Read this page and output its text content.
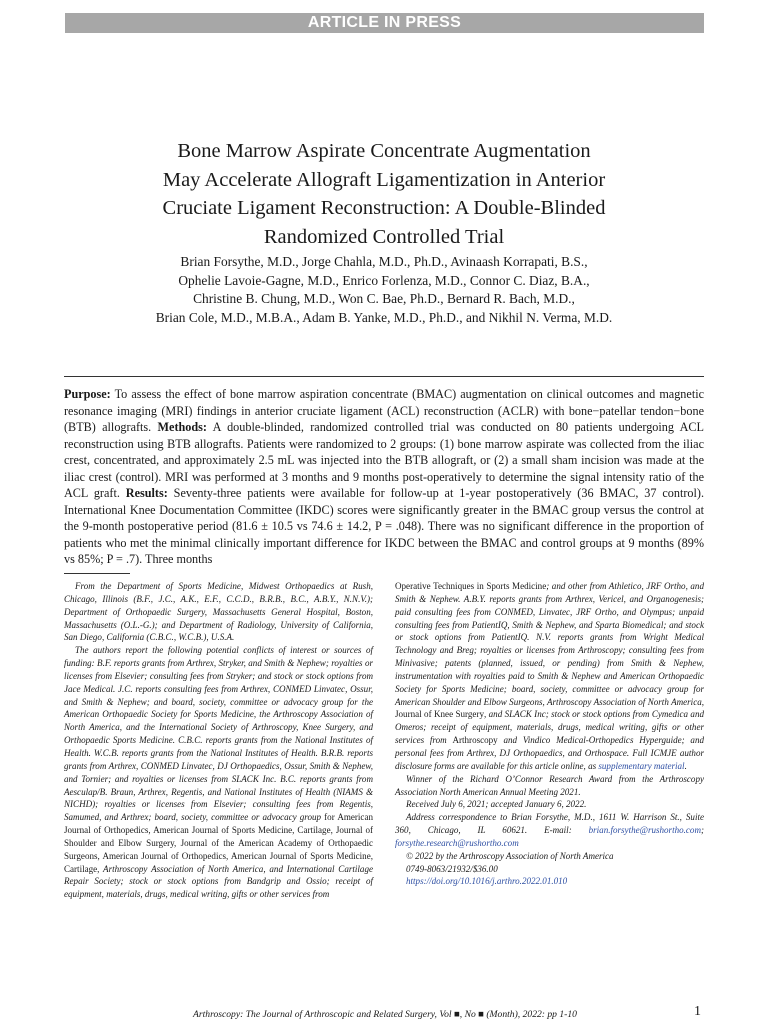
ARTICLE IN PRESS
Bone Marrow Aspirate Concentrate Augmentation
May Accelerate Allograft Ligamentization in Anterior
Cruciate Ligament Reconstruction: A Double-Blinded
Randomized Controlled Trial
Brian Forsythe, M.D., Jorge Chahla, M.D., Ph.D., Avinaash Korrapati, B.S.,
Ophelie Lavoie-Gagne, M.D., Enrico Forlenza, M.D., Connor C. Diaz, B.A.,
Christine B. Chung, M.D., Won C. Bae, Ph.D., Bernard R. Bach, M.D.,
Brian Cole, M.D., M.B.A., Adam B. Yanke, M.D., Ph.D., and Nikhil N. Verma, M.D.
Purpose: To assess the effect of bone marrow aspiration concentrate (BMAC) augmentation on clinical outcomes and magnetic resonance imaging (MRI) findings in anterior cruciate ligament (ACL) reconstruction (ACLR) with bone−patellar tendon−bone (BTB) allografts. Methods: A double-blinded, randomized controlled trial was conducted on 80 patients undergoing ACL reconstruction using BTB allografts. Patients were randomized to 2 groups: (1) bone marrow aspirate was collected from the iliac crest, concentrated, and approximately 2.5 mL was injected into the BTB allograft, or (2) a small sham incision was made at the iliac crest (control). MRI was performed at 3 months and 9 months post-operatively to determine the signal intensity ratio of the ACL graft. Results: Seventy-three patients were available for follow-up at 1-year postoperatively (36 BMAC, 37 control). International Knee Documentation Committee (IKDC) scores were significantly greater in the BMAC group versus the control at the 9-month postoperative period (81.6 ± 10.5 vs 74.6 ± 14.2, P = .048). There was no significant difference in the proportion of patients who met the minimal clinically important difference for IKDC between the BMAC and control groups at 9 months (89% vs 85%; P = .7). Three months

From the Department of Sports Medicine, Midwest Orthopaedics at Rush, Chicago, Illinois (B.F., J.C., A.K., E.F., C.C.D., B.R.B., B.C., A.B.Y., N.N.V.); Department of Orthopaedic Surgery, Massachusetts General Hospital, Boston, Massachusetts (O.L.-G.); and Department of Radiology, University of California, San Diego, California (C.B.C., W.C.B.), U.S.A.

The authors report the following potential conflicts of interest or sources of funding: B.F. reports grants from Arthrex, Stryker, and Smith & Nephew; royalties or licenses from Elsevier; consulting fees from Stryker; and stock or stock options from Jace Medical. J.C. reports consulting fees from Arthrex, CONMED Linvatec, Ossur, and Smith & Nephew; and board, society, committee or advocacy group for the American Orthopaedic Society for Sports Medicine, the Arthroscopy Association of North America, and the International Society of Arthroscopy, Knee Surgery, and Orthopaedic Sports Medicine. C.B.C. reports grants from the National Institutes of Health. W.C.B. reports grants from the National Institutes of Health. B.R.B. reports grants from Arthrex, CONMED Linvatec, DJ Orthopaedics, Ossur, Smith & Nephew, and Tornier; and royalties or licenses from SLACK Inc. B.C. reports grants from Aesculap/B. Braun, Arthrex, Regentis, and National Institutes of Health (NIAMS & NICHD); royalties or licenses from Elsevier; consulting fees from Regentis, Samumed, and Arthrex; board, society, committee or advocacy group for American Journal of Orthopedics, American Journal of Sports Medicine, Cartilage, Journal of Shoulder and Elbow Surgery, Journal of the American Academy of Orthopaedic Surgeons, American Journal of Orthopedics, American Journal of Sports Medicine, Cartilage, Arthroscopy Association of North America, and International Cartilage Repair Society; stock or stock options from Bandgrip and Ossio; receipt of equipment, materials, drugs, medical writing, gifts or other services from

Operative Techniques in Sports Medicine; and other from Athletico, JRF Ortho, and Smith & Nephew. A.B.Y. reports grants from Arthrex, Vericel, and Organogenesis; paid consulting fees from CONMED, Linvatec, JRF Ortho, and Olympus; unpaid consulting fees from PatientIQ, Smith & Nephew, and Sparta Biomedical; and stock or stock options from PatientIQ. N.V. reports grants from Wright Medical Technology and Breg; royalties or licenses from Arthroscopy; consulting fees from Minivasive; patents (planned, issued, or pending) from Smith & Nephew, instrumentation with royalties paid to Smith & Nephew and American Orthopaedic Society for Sports Medicine; board, society, committee or advocacy group for American Shoulder and Elbow Surgeons, Arthroscopy Association of North America, Journal of Knee Surgery, and SLACK Inc; stock or stock options from Cymedica and Omeros; receipt of equipment, materials, drugs, medical writing, gifts or other services from Arthroscopy and Vindico Medical-Orthopedics Hyperguide; and personal fees from Arthrex, DJ Orthopaedics, and Orthospace. Full ICMJE author disclosure forms are available for this article online, as supplementary material.

Winner of the Richard O’Connor Research Award from the Arthroscopy Association North American Annual Meeting 2021.

Received July 6, 2021; accepted January 6, 2022.

Address correspondence to Brian Forsythe, M.D., 1611 W. Harrison St., Suite 360, Chicago, IL 60621. E-mail: brian.forsythe@rushortho.com; forsythe.research@rushortho.com

© 2022 by the Arthroscopy Association of North America

0749-8063/21932/$36.00

https://doi.org/10.1016/j.arthro.2022.01.010

Arthroscopy: The Journal of Arthroscopic and Related Surgery, Vol ■, No ■ (Month), 2022: pp 1-10	1
